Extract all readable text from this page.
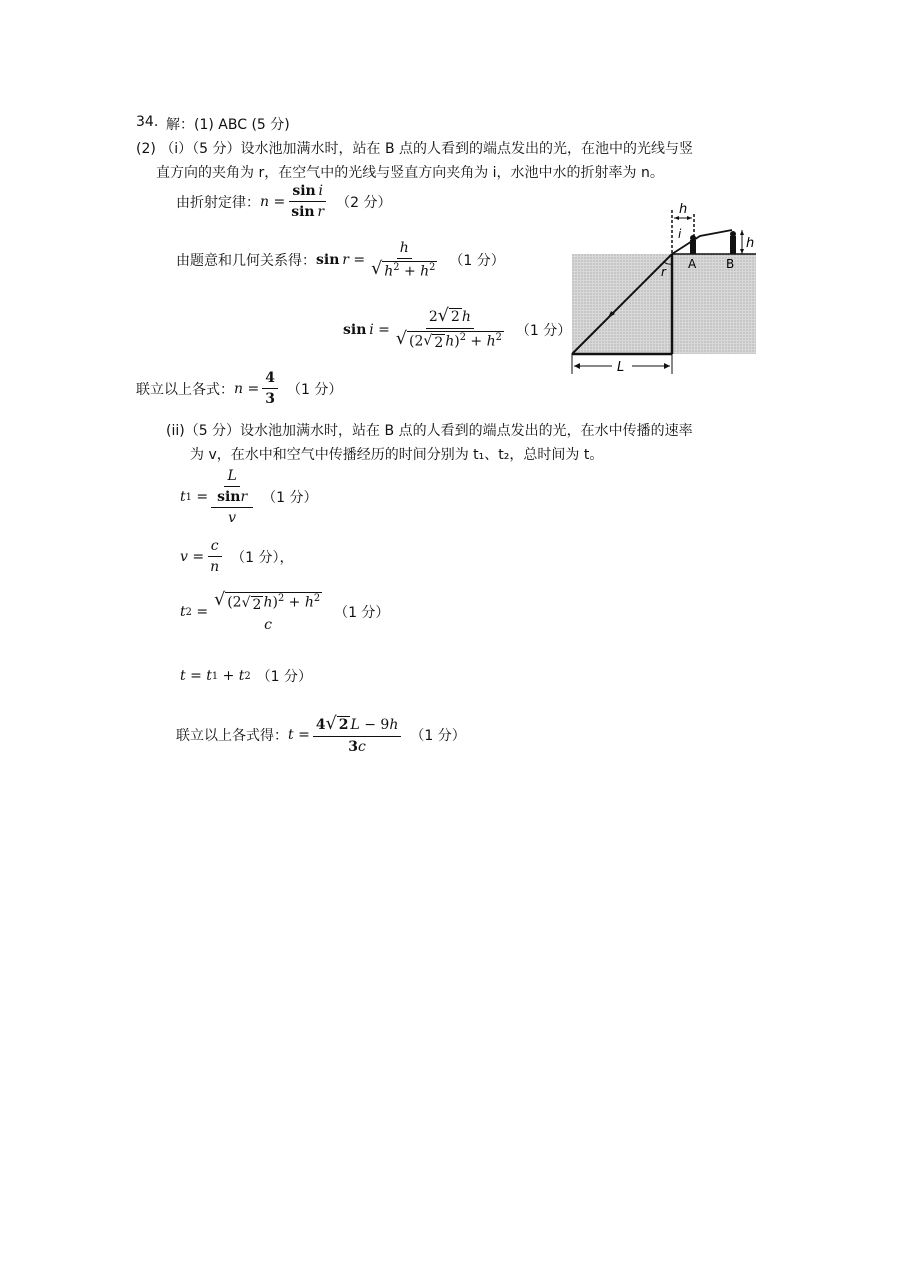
34. 解：(1) ABC (5 分)
(2) （i）（5 分）设水池加满水时，站在 B 点的人看到的端点发出的光，在池中的光线与竖
直方向的夹角为 r，在空气中的光线与竖直方向夹角为 i，水池中水的折射率为 n。
由折射定律： $n = \frac{\text{sin  i}}{\text{sin  r}} (2$ 分）
由题意和几何关系得： sin
  $r = \frac{h}{√ h^2 + h^2} (1$ 分）
sin
  $i = \frac{2 √ 2 h}{√ (2 √ 2 h)^2 + h^2} (1$ 分）
联立以上各式： $n = \frac{4}{3} (1$ 分）
h
h
i
r
A B
L
(ii)（5 分）设水池加满水时，站在 B 点的人看到的端点发出的光，在水中传播的速率
为 v，在水中和空气中传播经历的时间分别为 t₁、t₂，总时间为 t。
t $1 = \frac{\frac{L}{\sin r}}{v} (1$ 分）
$v = \frac{c}{n} (1$ 分），
t 2 =
√ (2 √ 2 $h)^2 + h^2$
c
（1 分）
t = t 1 + t 2 （1 分）
联立以上各式得： $t = \frac{4 √ 2 L - 9h}{3c} (1$ 分）
